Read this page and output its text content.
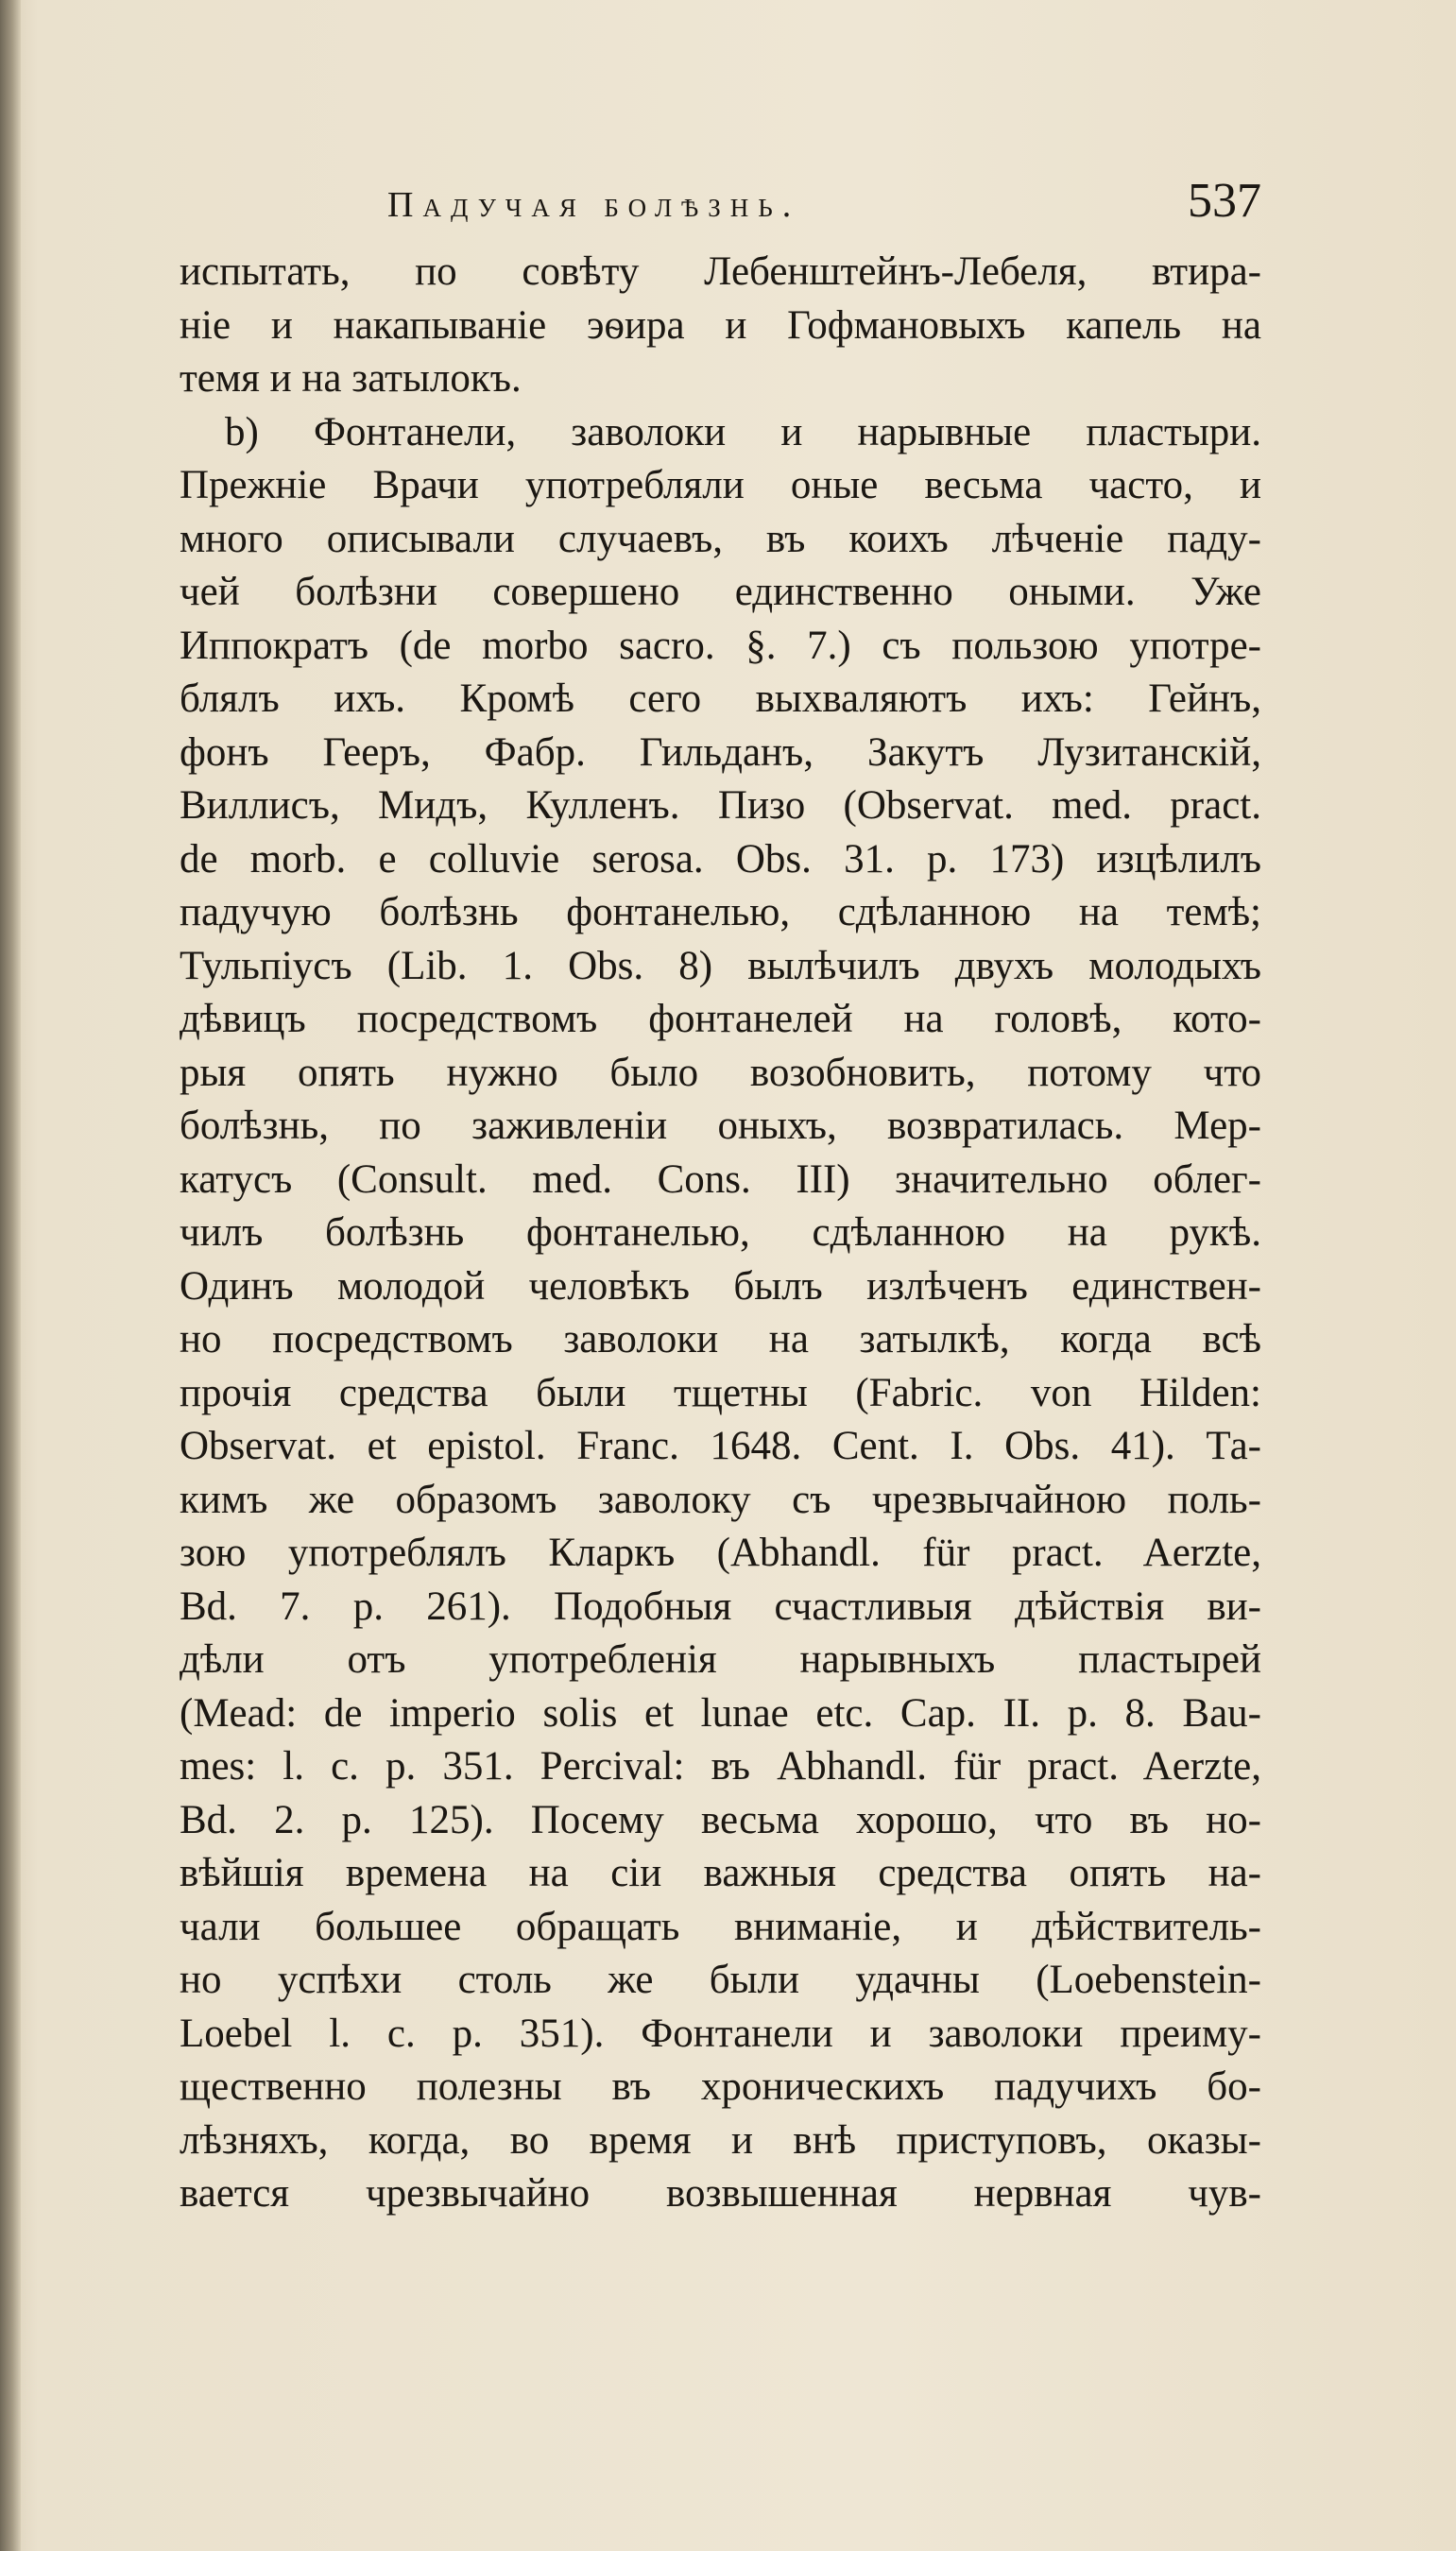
Падучая болѣзнь.	537
испытать, по совѣту Лебенштейнъ-Лебеля, втира-
ніе и накапываніе эѳира и Гофмановыхъ капель на
темя и на затылокъ.
b) Фонтанели, заволоки и нарывные пластыри.
Прежніе Врачи употребляли оные весьма часто, и
много описывали случаевъ, въ коихъ лѣченіе паду-
чей болѣзни совершено единственно оными. Уже
Иппократъ (de morbo sacro. §. 7.) съ пользою употре-
блялъ ихъ. Кромѣ сего выхваляютъ ихъ: Гейнъ,
фонъ Геeръ, Фабр. Гильданъ, Закутъ Лузитанскій,
Виллисъ, Мидъ, Кулленъ. Пизо (Observat. med. pract.
de morb. e colluvie serosa. Obs. 31. p. 173) изцѣлилъ
падучую болѣзнь фонтанелью, сдѣланною на темѣ;
Тульпіусъ (Lib. 1. Obs. 8) вылѣчилъ двухъ молодыхъ
дѣвицъ посредствомъ фонтанелей на головѣ, кото-
рыя опять нужно было возобновить, потому что
болѣзнь, по заживленіи оныхъ, возвратилась. Мер-
катусъ (Consult. med. Cons. III) значительно облег-
чилъ болѣзнь фонтанелью, сдѣланною на рукѣ.
Одинъ молодой человѣкъ былъ излѣченъ единствен-
но посредствомъ заволоки на затылкѣ, когда всѣ
прочія средства были тщетны (Fabric. von Hilden:
Observat. et epistol. Franc. 1648. Cent. I. Obs. 41). Та-
кимъ же образомъ заволоку съ чрезвычайною поль-
зою употреблялъ Кларкъ (Abhandl. für pract. Aerzte,
Bd. 7. p. 261). Подобныя счастливыя дѣйствія ви-
дѣли отъ употребленія нарывныхъ пластырей
(Mead: de imperio solis et lunae etc. Cap. II. p. 8. Bau-
mes: l. c. p. 351. Percival: въ Abhandl. für pract. Aerzte,
Bd. 2. p. 125). Посему весьма хорошо, что въ но-
вѣйшія времена на сіи важныя средства опять на-
чали большее обращать вниманіе, и дѣйствитель-
но успѣхи столь же были удачны (Loebenstein-
Loebel l. c. p. 351). Фонтанели и заволоки преиму-
щественно полезны въ хроническихъ падучихъ бо-
лѣзняхъ, когда, во время и внѣ приступовъ, оказы-
вается чрезвычайно возвышенная нервная чув-
